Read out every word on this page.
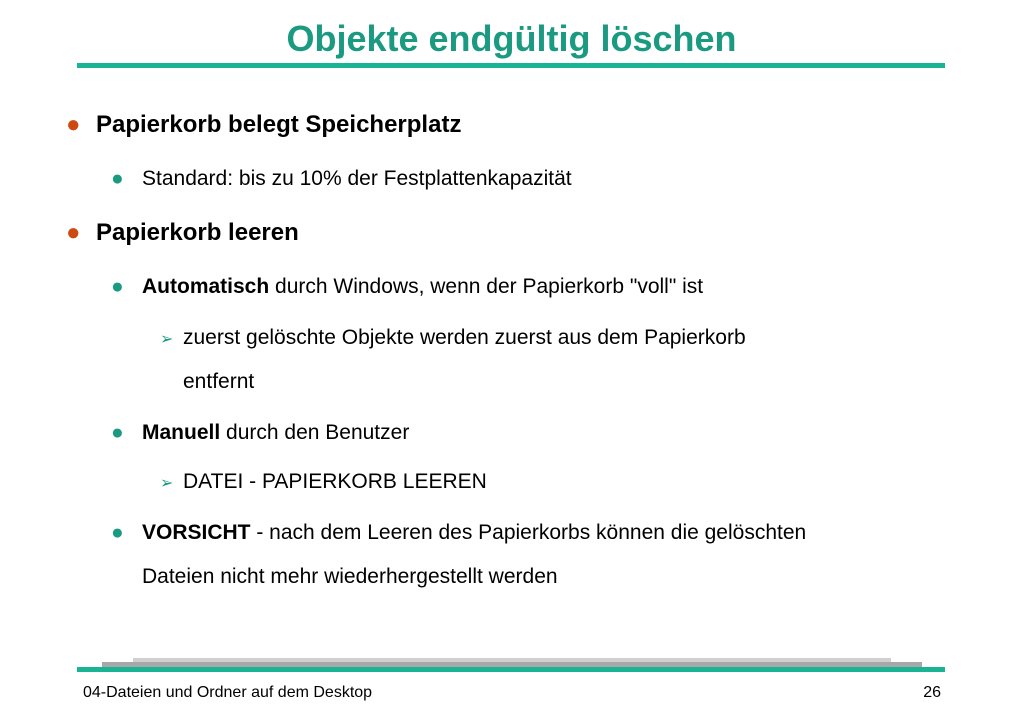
Objekte endgültig löschen
● Papierkorb belegt Speicherplatz
● Standard: bis zu 10% der Festplattenkapazität
● Papierkorb leeren
● Automatisch durch Windows, wenn der Papierkorb "voll" ist
➢ zuerst gelöschte Objekte werden zuerst aus dem Papierkorb
entfernt
● Manuell durch den Benutzer
➢ DATEI - PAPIERKORB LEEREN
● VORSICHT - nach dem Leeren des Papierkorbs können die gelöschten
Dateien nicht mehr wiederhergestellt werden
04-Dateien und Ordner auf dem Desktop	26
